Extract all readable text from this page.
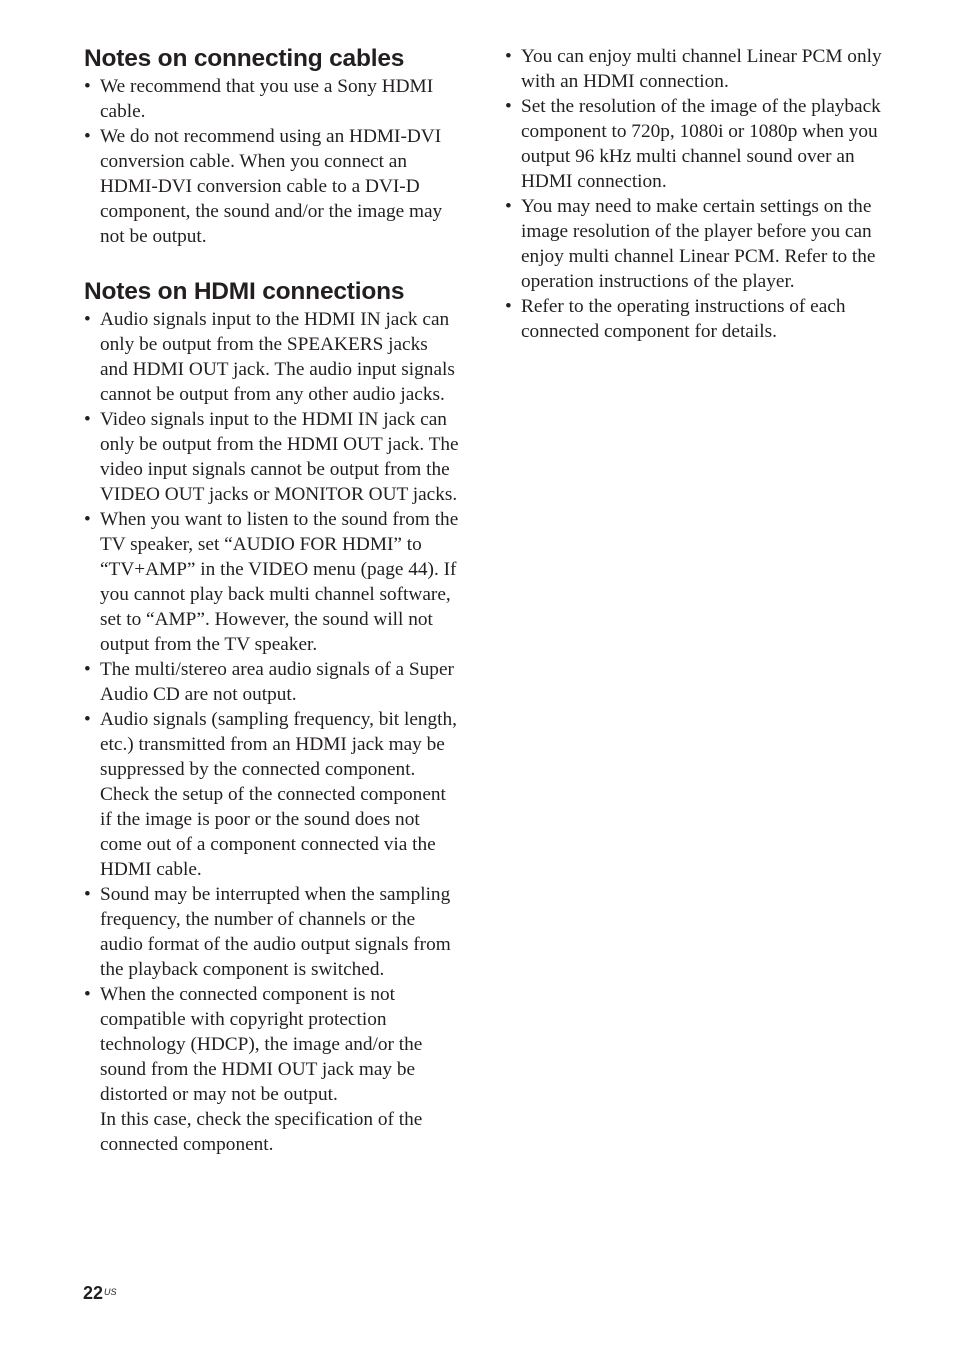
Notes on connecting cables
• We recommend that you use a Sony HDMI cable.
• We do not recommend using an HDMI-DVI conversion cable. When you connect an HDMI-DVI conversion cable to a DVI-D component, the sound and/or the image may not be output.
Notes on HDMI connections
• Audio signals input to the HDMI IN jack can only be output from the SPEAKERS jacks and HDMI OUT jack. The audio input signals cannot be output from any other audio jacks.
• Video signals input to the HDMI IN jack can only be output from the HDMI OUT jack. The video input signals cannot be output from the VIDEO OUT jacks or MONITOR OUT jacks.
• When you want to listen to the sound from the TV speaker, set “AUDIO FOR HDMI” to “TV+AMP” in the VIDEO menu (page 44). If you cannot play back multi channel software, set to “AMP”. However, the sound will not output from the TV speaker.
• The multi/stereo area audio signals of a Super Audio CD are not output.
• Audio signals (sampling frequency, bit length, etc.) transmitted from an HDMI jack may be suppressed by the connected component. Check the setup of the connected component if the image is poor or the sound does not come out of a component connected via the HDMI cable.
• Sound may be interrupted when the sampling frequency, the number of channels or the audio format of the audio output signals from the playback component is switched.
• When the connected component is not compatible with copyright protection technology (HDCP), the image and/or the sound from the HDMI OUT jack may be distorted or may not be output.
In this case, check the specification of the connected component.
• You can enjoy multi channel Linear PCM only with an HDMI connection.
• Set the resolution of the image of the playback component to 720p, 1080i or 1080p when you output 96 kHz multi channel sound over an HDMI connection.
• You may need to make certain settings on the image resolution of the player before you can enjoy multi channel Linear PCM. Refer to the operation instructions of the player.
• Refer to the operating instructions of each connected component for details.
$22^{US}$
